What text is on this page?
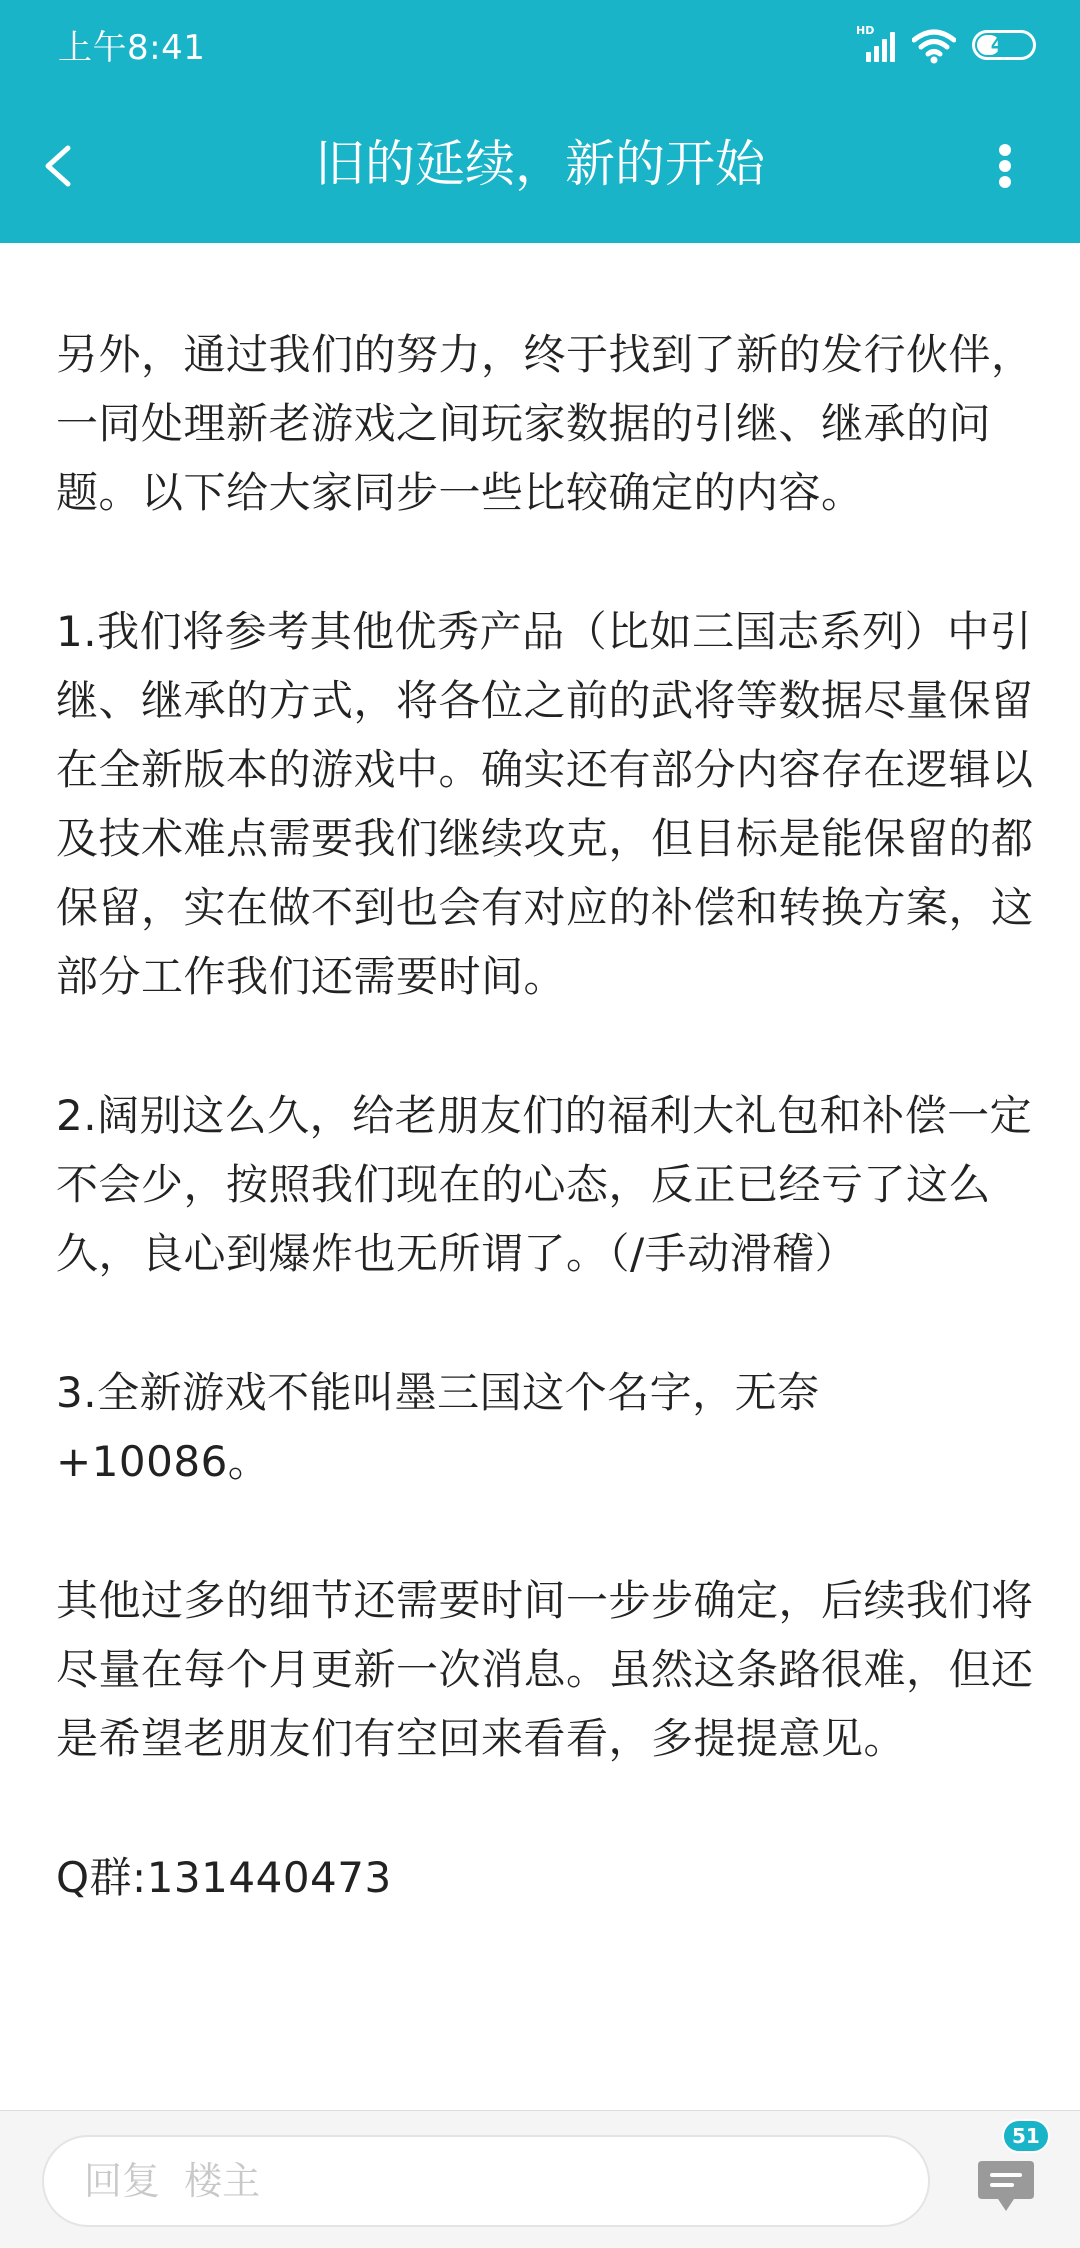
上午8:41	HD
42
旧的延续，新的开始

另外，通过我们的努力，终于找到了新的发行伙伴，一同处理新老游戏之间玩家数据的引继、继承的问题。以下给大家同步一些比较确定的内容。

1.我们将参考其他优秀产品（比如三国志系列）中引继、继承的方式，将各位之前的武将等数据尽量保留在全新版本的游戏中。确实还有部分内容存在逻辑以及技术难点需要我们继续攻克，但目标是能保留的都保留，实在做不到也会有对应的补偿和转换方案，这部分工作我们还需要时间。

2.阔别这么久，给老朋友们的福利大礼包和补偿一定不会少，按照我们现在的心态，反正已经亏了这么久，良心到爆炸也无所谓了。（/手动滑稽）

3.全新游戏不能叫墨三国这个名字，无奈 +10086。

其他过多的细节还需要时间一步步确定，后续我们将尽量在每个月更新一次消息。虽然这条路很难，但还是希望老朋友们有空回来看看，多提提意见。

Q群:131440473

回复 楼主
51
